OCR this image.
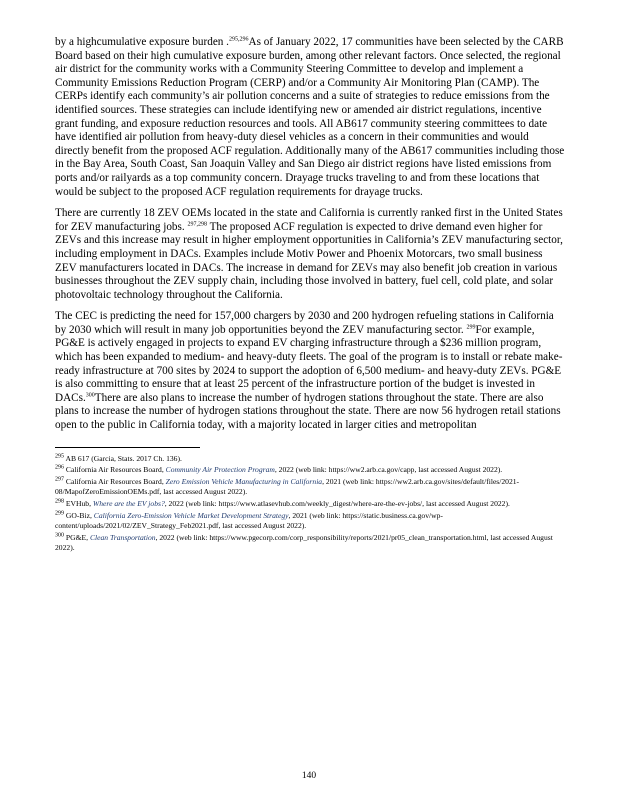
by a highcumulative exposure burden .$^{295,296}$As of January 2022, 17 communities have been selected by the CARB Board based on their high cumulative exposure burden, among other relevant factors. Once selected, the regional air district for the community works with a Community Steering Committee to develop and implement a Community Emissions Reduction Program (CERP) and/or a Community Air Monitoring Plan (CAMP). The CERPs identify each community’s air pollution concerns and a suite of strategies to reduce emissions from the identified sources. These strategies can include identifying new or amended air district regulations, incentive grant funding, and exposure reduction resources and tools. All AB617 community steering committees to date have identified air pollution from heavy-duty diesel vehicles as a concern in their communities and would directly benefit from the proposed ACF regulation. Additionally many of the AB617 communities including those in the Bay Area, South Coast, San Joaquin Valley and San Diego air district regions have listed emissions from ports and/or railyards as a top community concern. Drayage trucks traveling to and from these locations that would be subject to the proposed ACF regulation requirements for drayage trucks.

There are currently 18 ZEV OEMs located in the state and California is currently ranked first in the United States for ZEV manufacturing jobs. $^{297,298}$ The proposed ACF regulation is expected to drive demand even higher for ZEVs and this increase may result in higher employment opportunities in California’s ZEV manufacturing sector, including employment in DACs. Examples include Motiv Power and Phoenix Motorcars, two small business ZEV manufacturers located in DACs. The increase in demand for ZEVs may also benefit job creation in various businesses throughout the ZEV supply chain, including those involved in battery, fuel cell, cold plate, and solar photovoltaic technology throughout the California.

The CEC is predicting the need for 157,000 chargers by 2030 and 200 hydrogen refueling stations in California by 2030 which will result in many job opportunities beyond the ZEV manufacturing sector. $^{299}$For example, PG&E is actively engaged in projects to expand EV charging infrastructure through a $236 million program, which has been expanded to medium- and heavy-duty fleets. The goal of the program is to install or rebate make-ready infrastructure at 700 sites by 2024 to support the adoption of 6,500 medium- and heavy-duty ZEVs. PG&E is also committing to ensure that at least 25 percent of the infrastructure portion of the budget is invested in DACs.$^{300}$There are also plans to increase the number of hydrogen stations throughout the state. There are also plans to increase the number of hydrogen stations throughout the state. There are now 56 hydrogen retail stations open to the public in California today, with a majority located in larger cities and metropolitan

$^{295}$ AB 617 (Garcia, Stats. 2017 Ch. 136).
$^{296}$ California Air Resources Board, Community Air Protection Program, 2022 (web link: https://ww2.arb.ca.gov/capp, last accessed August 2022).
$^{297}$ California Air Resources Board, Zero Emission Vehicle Manufacturing in California, 2021 (web link: https://ww2.arb.ca.gov/sites/default/files/2021-08/MapofZeroEmissionOEMs.pdf, last accessed August 2022).
$^{298}$ EVHub, Where are the EV jobs?, 2022 (web link: https://www.atlasevhub.com/weekly_digest/where-are-the-ev-jobs/, last accessed August 2022).
$^{299}$ GO-Biz, California Zero-Emission Vehicle Market Development Strategy, 2021 (web link: https://static.business.ca.gov/wp-content/uploads/2021/02/ZEV_Strategy_Feb2021.pdf, last accessed August 2022).
$^{300}$ PG&E, Clean Transportation, 2022 (web link: https://www.pgecorp.com/corp_responsibility/reports/2021/pr05_clean_transportation.html, last accessed August 2022).
140
